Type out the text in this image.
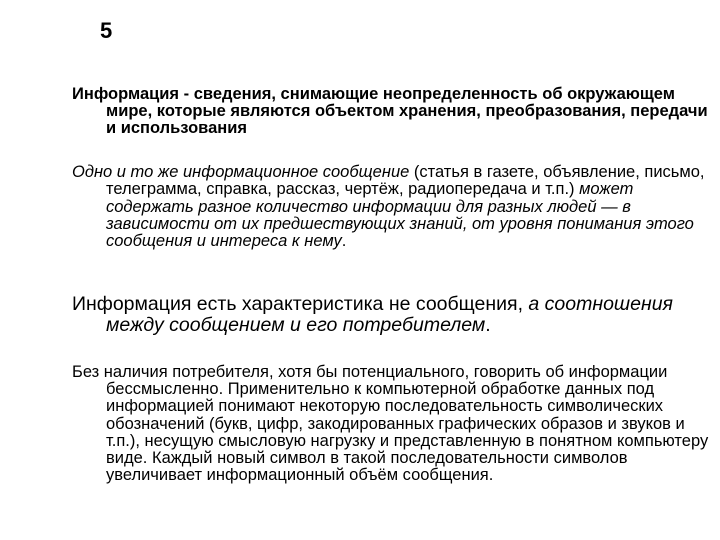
5

Информация - сведения, снимающие неопределенность об окружающем мире, которые являются объектом хранения, преобразования, передачи и использования

Одно и то же информационное сообщение (статья в газете, объявление, письмо, телеграмма, справка, рассказ, чертёж, радиопередача и т.п.) может содержать разное количество информации для разных людей — в зависимости от их предшествующих знаний, от уровня понимания этого сообщения и интереса к нему.

Информация есть характеристика не сообщения, а соотношения между сообщением и его потребителем.

Без наличия потребителя, хотя бы потенциального, говорить об информации бессмысленно. Применительно к компьютерной обработке данных под информацией понимают некоторую последовательность символических обозначений (букв, цифр, закодированных графических образов и звуков и т.п.), несущую смысловую нагрузку и представленную в понятном компьютеру виде. Каждый новый символ в такой последовательности символов увеличивает информационный объём сообщения.
